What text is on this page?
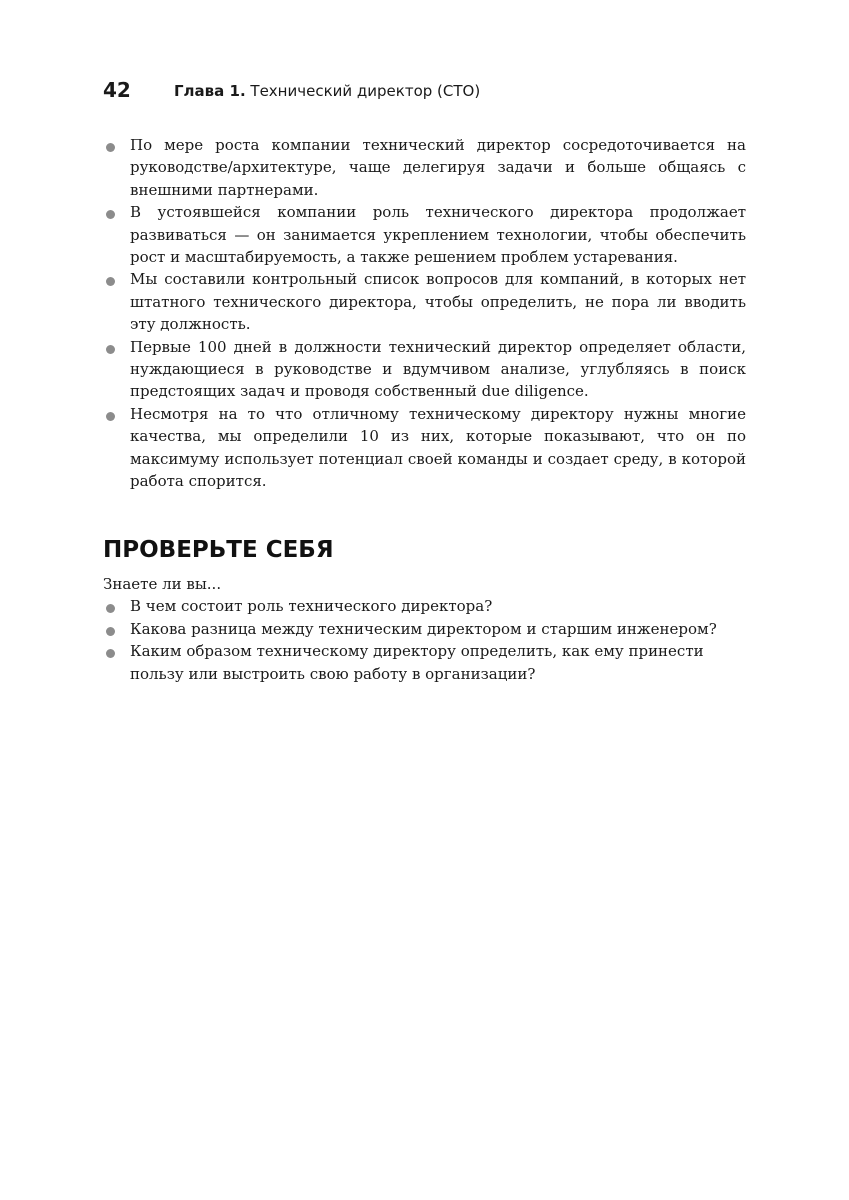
42	Глава 1. Технический директор (CTO)
По мере роста компании технический директор сосредоточивается на руководстве/архитектуре, чаще делегируя задачи и больше общаясь с внешними партнерами.
В устоявшейся компании роль технического директора продолжает развиваться — он занимается укреплением технологии, чтобы обеспечить рост и масштабируемость, а также решением проблем устаревания.
Мы составили контрольный список вопросов для компаний, в которых нет штатного технического директора, чтобы определить, не пора ли вводить эту должность.
Первые 100 дней в должности технический директор определяет области, нуждающиеся в руководстве и вдумчивом анализе, углубляясь в поиск предстоящих задач и проводя собственный due diligence.
Несмотря на то что отличному техническому директору нужны многие качества, мы определили 10 из них, которые показывают, что он по максимуму использует потенциал своей команды и создает среду, в которой работа спорится.
ПРОВЕРЬТЕ СЕБЯ

Знаете ли вы...

В чем состоит роль технического директора?
Какова разница между техническим директором и старшим инженером?
Каким образом техническому директору определить, как ему принести пользу или выстроить свою работу в организации?
